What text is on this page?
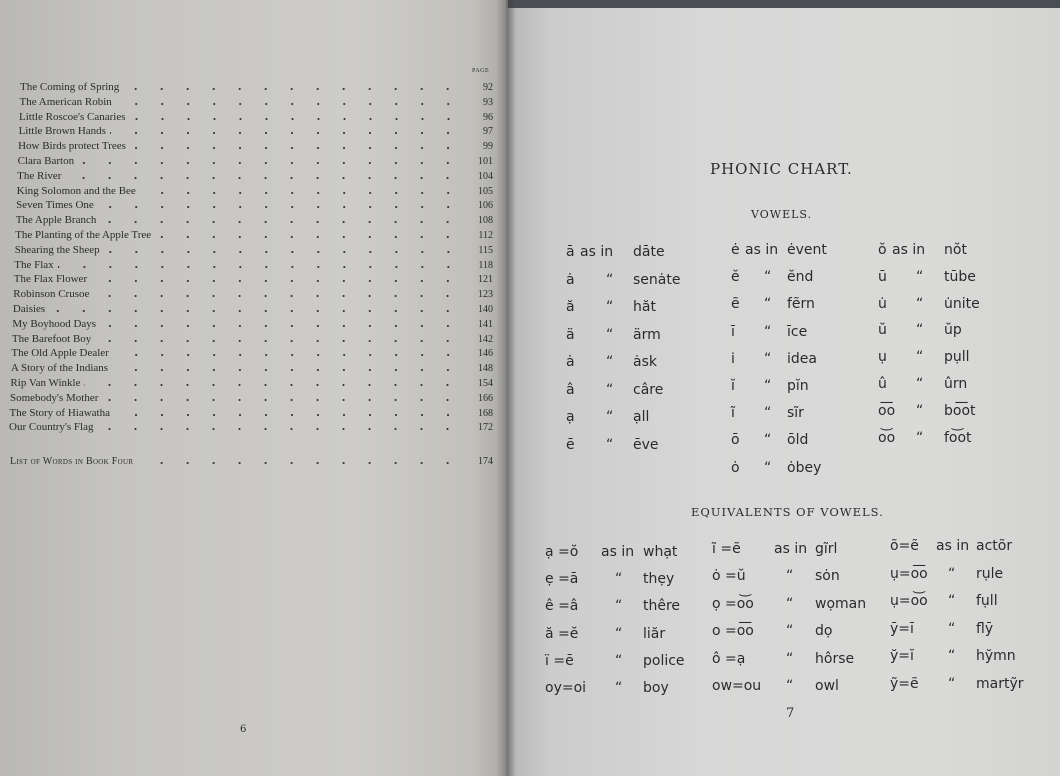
PAGE
The Coming of Spring	92
The American Robin	93
Little Roscoe's Canaries	96
Little Brown Hands	97
How Birds protect Trees	99
Clara Barton	101
The River	104
King Solomon and the Bee	105
Seven Times One	106
The Apple Branch	108
The Planting of the Apple Tree	112
Shearing the Sheep	115
The Flax	118
The Flax Flower	121
Robinson Crusoe	123
Daisies	140
My Boyhood Days	141
The Barefoot Boy	142
The Old Apple Dealer	146
A Story of the Indians	148
Rip Van Winkle	154
Somebody's Mother	166
The Story of Hiawatha	168
Our Country's Flag	172
List of Words in Book Four	174
6
PHONIC CHART.
VOWELS.
ā as in dāte
ȧ “ senȧte
ă “ hăt
ä “ ärm
ȧ “ ȧsk
â “ câre
ạ “ ạll
ē “ ēve
ė as in ėvent
ĕ “ ĕnd
ẽ “ fẽrn
ī “ īce
ı̇ “ ı̇dea
ĭ “ pĭn
ĩ “ sĩr
ō “ ōld
ȯ “ ȯbey
ŏ as in nŏt
ū “ tūbe
u̇ “ u̇nite
ŭ “ ŭp
ụ “ pụll
û “ ûrn
o͞o “ bo͞ot
o͝o “ fo͝ot
EQUIVALENTS OF VOWELS.
ạ =ŏ as in whạt
ẹ =ā	“ thẹy
ê =â	“ thêre
ă =ĕ	“ liăr
ï =ē	“ police
oy=oi “ boy
ĩ =ẽ as in gĩrl
ȯ =ŭ	“ sȯn
ọ =o͝o “ wọman
o =o͞o “ dọ
ô =ạ	“ hôrse
ow=ou “ owl
õ=ẽ as in actõr
ụ=o͞o “ rụle
ụ=o͝o “ fụll
ȳ=ī “ flȳ
y̆=ĭ “ hy̆mn
ỹ=ẽ “ martỹr
7
